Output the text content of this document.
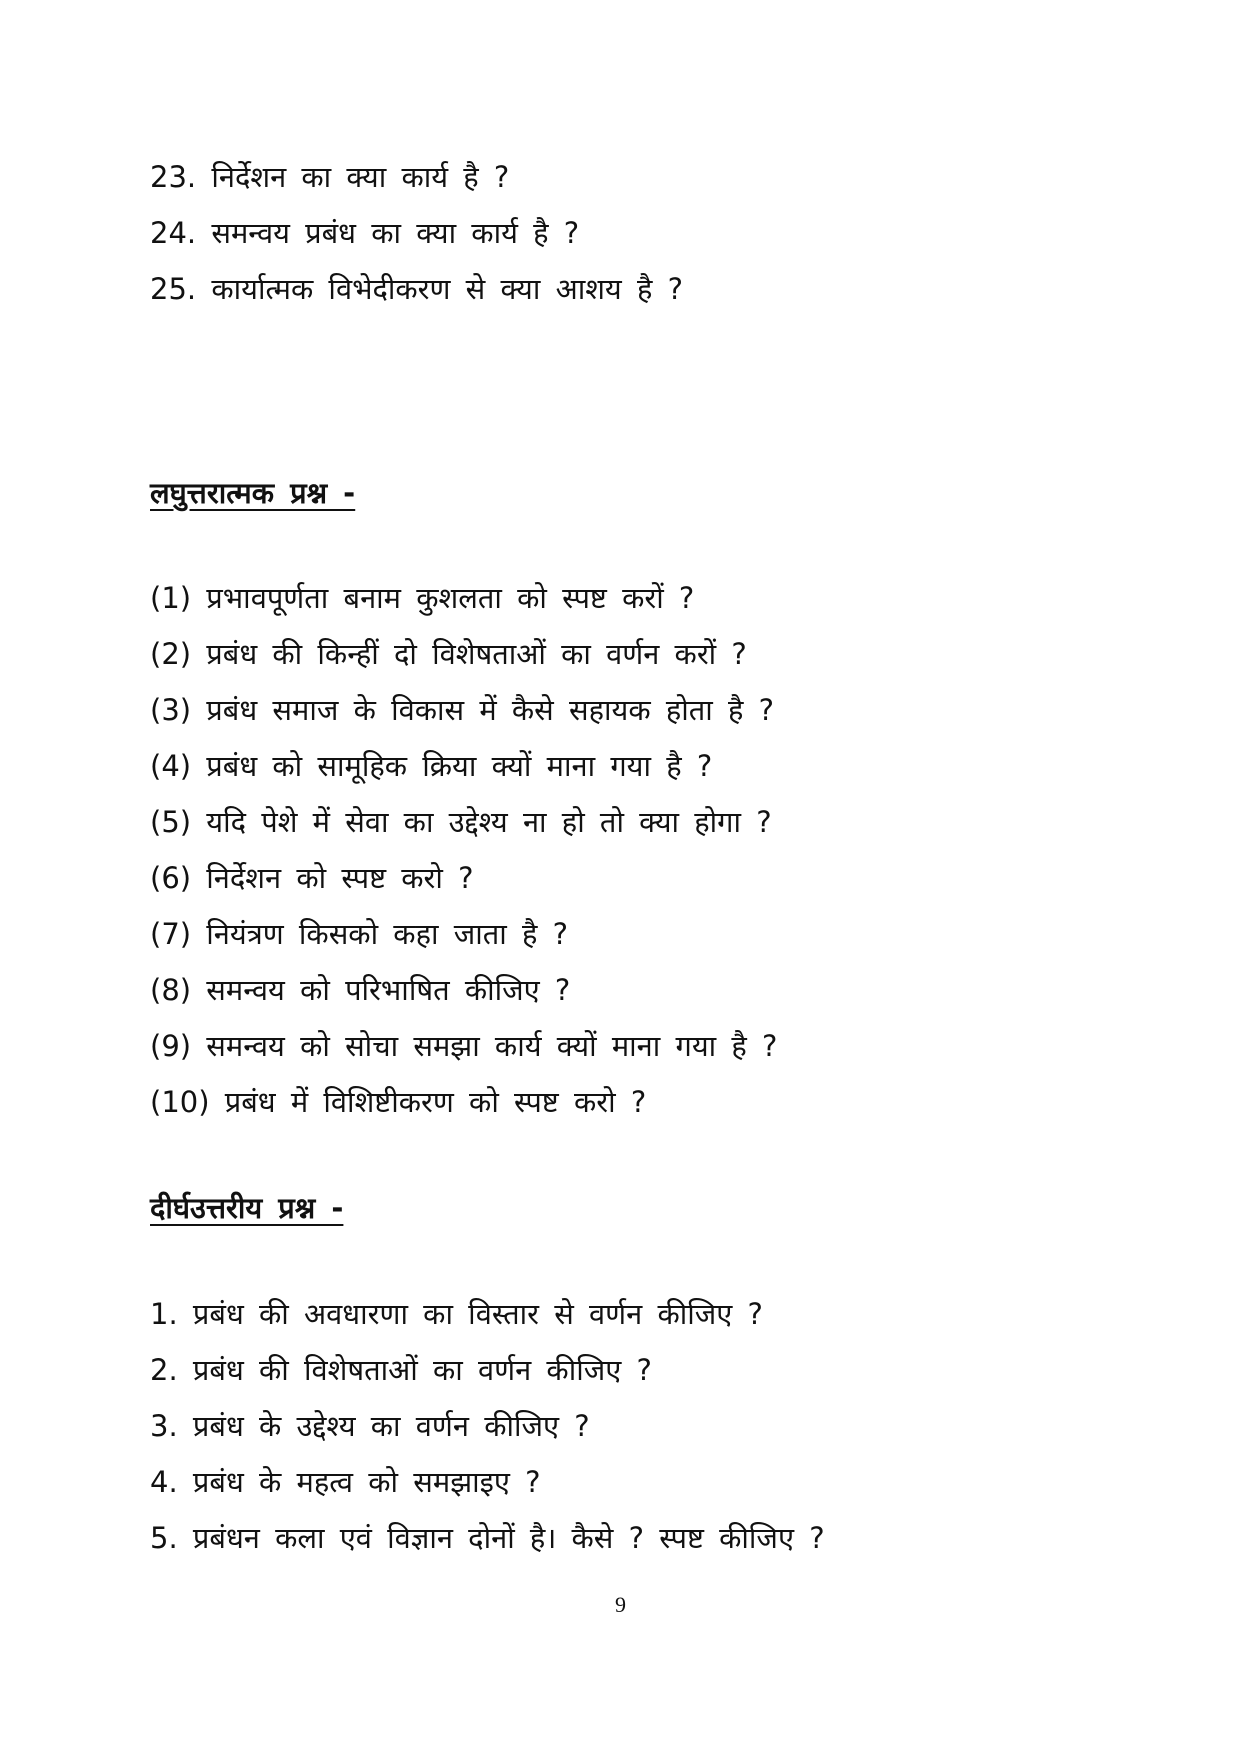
23. निर्देशन का क्या कार्य है ?
24. समन्वय प्रबंध का क्या कार्य है ?
25. कार्यात्मक विभेदीकरण से क्या आशय है ?
लघुत्तरात्मक प्रश्न -
(1) प्रभावपूर्णता बनाम कुशलता को स्पष्ट करों ?
(2) प्रबंध की किन्हीं दो विशेषताओं का वर्णन करों ?
(3) प्रबंध समाज के विकास में कैसे सहायक होता है ?
(4) प्रबंध को सामूहिक क्रिया क्यों माना गया है ?
(5) यदि पेशे में सेवा का उद्देश्य ना हो तो क्या होगा ?
(6) निर्देशन को स्पष्ट करो ?
(7) नियंत्रण किसको कहा जाता है ?
(8) समन्वय को परिभाषित कीजिए ?
(9) समन्वय को सोचा समझा कार्य क्यों माना गया है ?
(10) प्रबंध में विशिष्टीकरण को स्पष्ट करो ?
दीर्घउत्तरीय प्रश्न -
1. प्रबंध की अवधारणा का विस्तार से वर्णन कीजिए ?
2. प्रबंध की विशेषताओं का वर्णन कीजिए ?
3. प्रबंध के उद्देश्य का वर्णन कीजिए ?
4. प्रबंध के महत्व को समझाइए ?
5. प्रबंधन कला एवं विज्ञान दोनों है। कैसे ? स्पष्ट कीजिए ?
9
